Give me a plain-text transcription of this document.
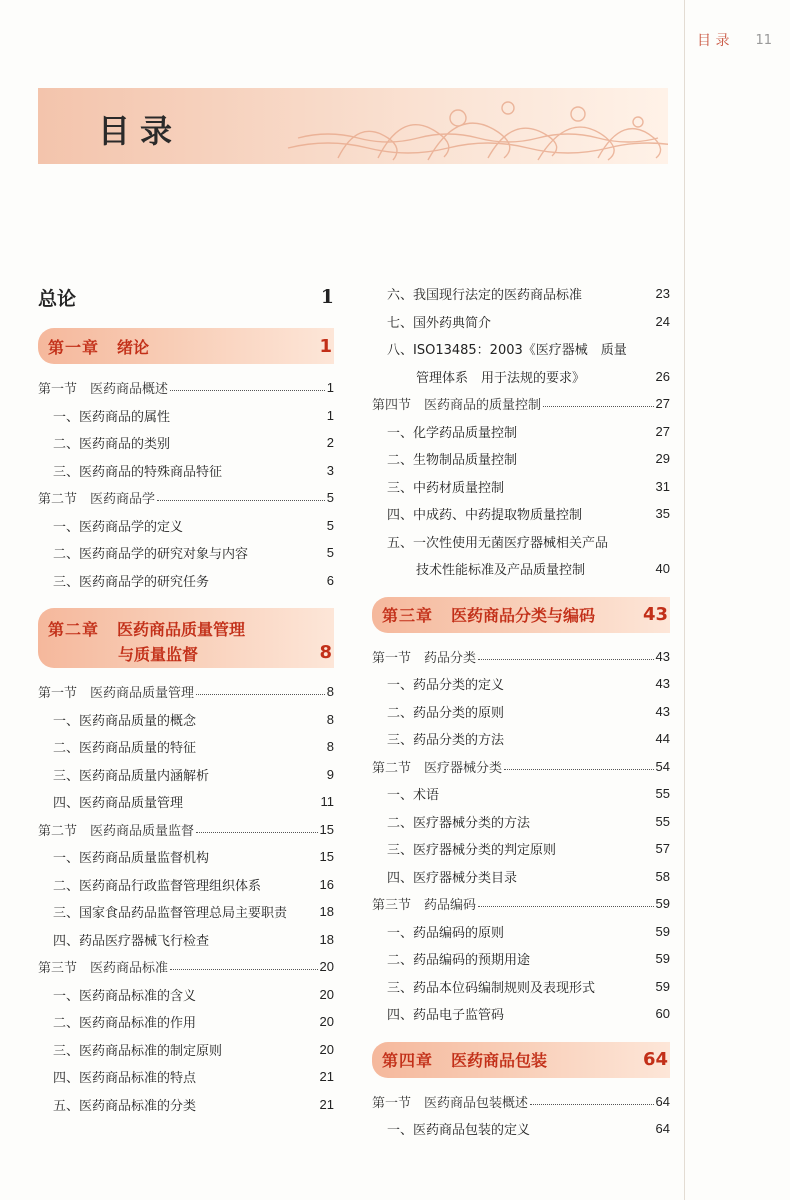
目 录 11
目录
总论	1
第一章 绪论	1
第一节　医药商品概述	1
一、医药商品的属性	1
二、医药商品的类别	2
三、医药商品的特殊商品特征	3
第二节　医药商品学	5
一、医药商品学的定义	5
二、医药商品学的研究对象与内容	5
三、医药商品学的研究任务	6
第二章 医药商品质量管理
与质量监督	8
第一节　医药商品质量管理	8
一、医药商品质量的概念	8
二、医药商品质量的特征	8
三、医药商品质量内涵解析	9
四、医药商品质量管理	11
第二节　医药商品质量监督	15
一、医药商品质量监督机构	15
二、医药商品行政监督管理组织体系	16
三、国家食品药品监督管理总局主要职责	18
四、药品医疗器械飞行检查	18
第三节　医药商品标准	20
一、医药商品标准的含义	20
二、医药商品标准的作用	20
三、医药商品标准的制定原则	20
四、医药商品标准的特点	21
五、医药商品标准的分类	21
六、我国现行法定的医药商品标准	23
七、国外药典简介	24
八、ISO13485：2003《医疗器械　质量
管理体系　用于法规的要求》	26
第四节　医药商品的质量控制	27
一、化学药品质量控制	27
二、生物制品质量控制	29
三、中药材质量控制	31
四、中成药、中药提取物质量控制	35
五、一次性使用无菌医疗器械相关产品
技术性能标准及产品质量控制	40
第三章 医药商品分类与编码	43
第一节　药品分类	43
一、药品分类的定义	43
二、药品分类的原则	43
三、药品分类的方法	44
第二节　医疗器械分类	54
一、术语	55
二、医疗器械分类的方法	55
三、医疗器械分类的判定原则	57
四、医疗器械分类目录	58
第三节　药品编码	59
一、药品编码的原则	59
二、药品编码的预期用途	59
三、药品本位码编制规则及表现形式	59
四、药品电子监管码	60
第四章 医药商品包装	64
第一节　医药商品包装概述	64
一、医药商品包装的定义	64
